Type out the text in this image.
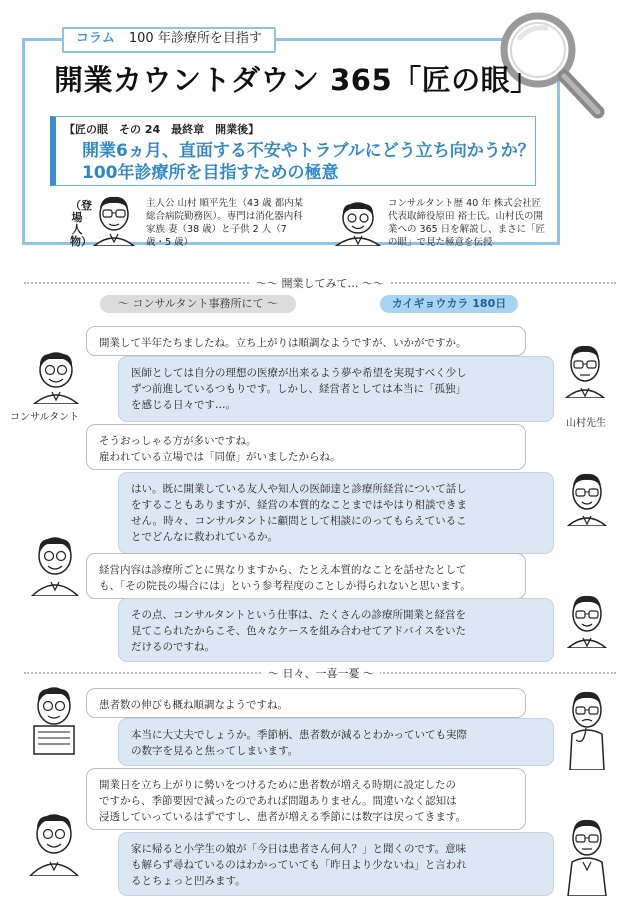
コラム 100 年診療所を目指す
開業カウントダウン 365「匠の眼」
【匠の眼　その 24　最終章　開業後】
開業6ヵ月、直面する不安やトラブルにどう立ち向かうか？
100年診療所を目指すための極意
（登場人物）
主人公 山村 順平先生（43 歳 都内某総合病院勤務医）。専門は消化器内科 家族 妻（38 歳）と子供 2 人（7 歳・5 歳）
コンサルタント歴 40 年 株式会社匠代表取締役原田 裕士氏。山村氏の開業への 365 日を解説し、まさに「匠の眼」で見た極意を伝授
〜〜 開業してみて… 〜〜
〜 コンサルタント事務所にて 〜	カイギョウカラ 180日
コンサルタント
山村先生

開業して半年たちましたね。立ち上がりは順調なようですが、いかがですか。

医師としては自分の理想の医療が出来るよう夢や希望を実現すべく少し

ずつ前進しているつもりです。しかし、経営者としては本当に「孤独」

を感じる日々です…。

そうおっしゃる方が多いですね。

雇われている立場では「同僚」がいましたからね。

はい。既に開業している友人や知人の医師達と診療所経営について話し

をすることもありますが、経営の本質的なことまではやはり相談できま

せん。時々、コンサルタントに顧問として相談にのってもらえているこ

とでどんなに救われているか。

経営内容は診療所ごとに異なりますから、たとえ本質的なことを話せたとして

も、「その院長の場合には」という参考程度のことしか得られないと思います。

その点、コンサルタントという仕事は、たくさんの診療所開業と経営を

見てこられたからこそ、色々なケースを組み合わせてアドバイスをいた

だけるのですね。

〜 日々、一喜一憂 〜

患者数の伸びも概ね順調なようですね。

本当に大丈夫でしょうか。季節柄、患者数が減るとわかっていても実際

の数字を見ると焦ってしまいます。

開業日を立ち上がりに勢いをつけるために患者数が増える時期に設定したの

ですから、季節要因で減ったのであれば問題ありません。間違いなく認知は

浸透していっているはずですし、患者が増える季節には数字は戻ってきます。

家に帰ると小学生の娘が「今日は患者さん何人？」と聞くのです。意味

も解らず尋ねているのはわかっていても「昨日より少ないね」と言われ

るとちょっと凹みます。
